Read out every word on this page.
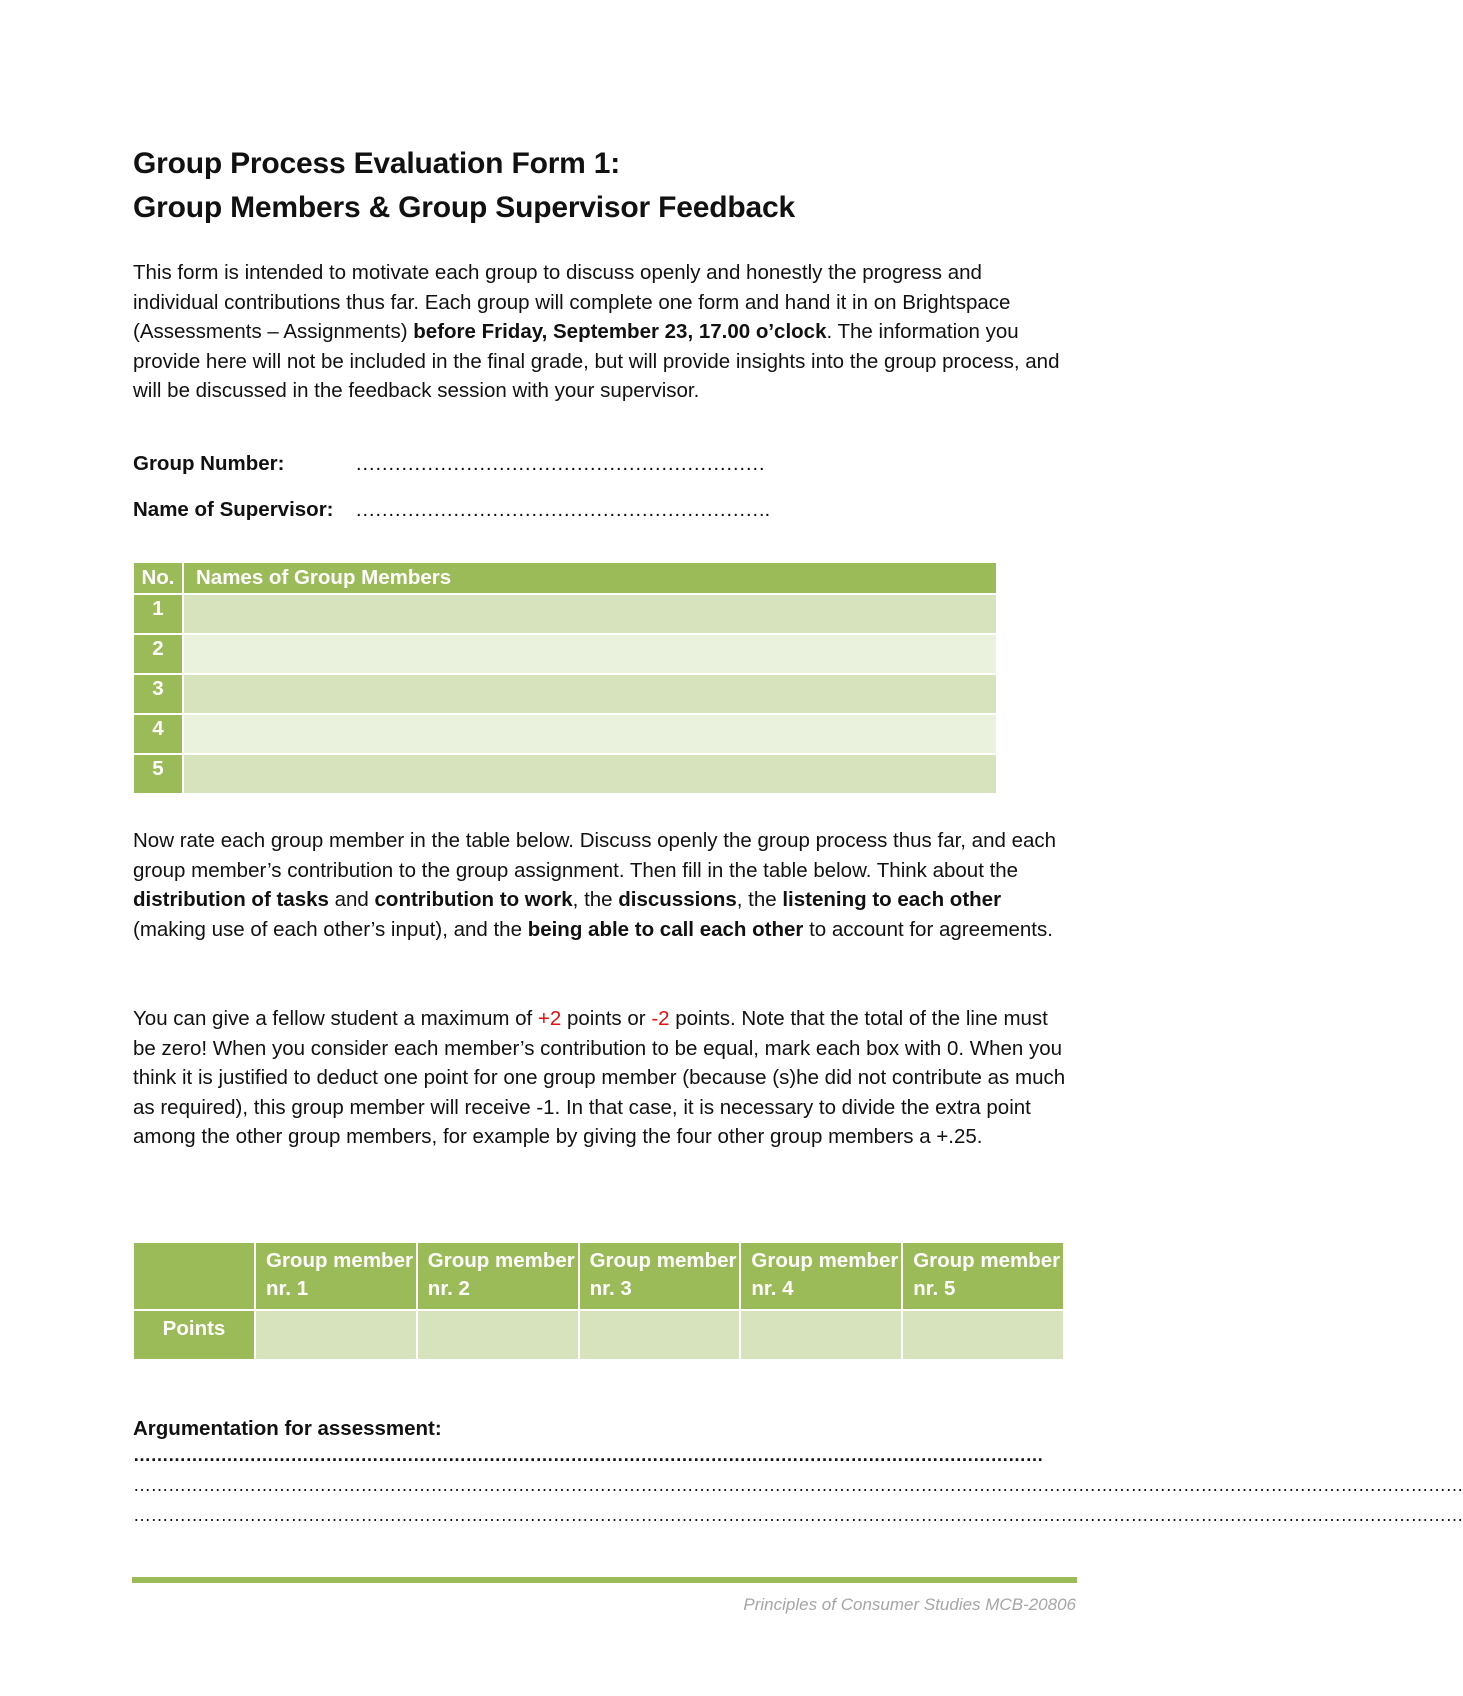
Group Process Evaluation Form 1:
Group Members & Group Supervisor Feedback

This form is intended to motivate each group to discuss openly and honestly the progress and individual contributions thus far. Each group will complete one form and hand it in on Brightspace (Assessments – Assignments) before Friday, September 23, 17.00 o’clock. The information you provide here will not be included in the final grade, but will provide insights into the group process, and will be discussed in the feedback session with your supervisor.

Group Number:	………………………………………………………
Name of Supervisor: ……………………………………………………….
No.	Names of Group Members
1	
2	
3	
4	
5	

Now rate each group member in the table below. Discuss openly the group process thus far, and each group member’s contribution to the group assignment. Then fill in the table below. Think about the distribution of tasks and contribution to work, the discussions, the listening to each other (making use of each other’s input), and the being able to call each other to account for agreements.

You can give a fellow student a maximum of +2 points or -2 points. Note that the total of the line must be zero! When you consider each member’s contribution to be equal, mark each box with 0. When you think it is justified to deduct one point for one group member (because (s)he did not contribute as much as required), this group member will receive -1. In that case, it is necessary to divide the extra point among the other group members, for example by giving the four other group members a +.25.

	Group member nr. 1	Group member nr. 2	Group member nr. 3	Group member nr. 4	Group member nr. 5
Points					
Argumentation for assessment:
…………………………………………………………………………………………………………………………………………
…………………………………………………………………………………………………………………………………………………………………………………………………………
…………………………………………………………………………………………………………………………………………………………………………………………………………
Principles of Consumer Studies MCB-20806
